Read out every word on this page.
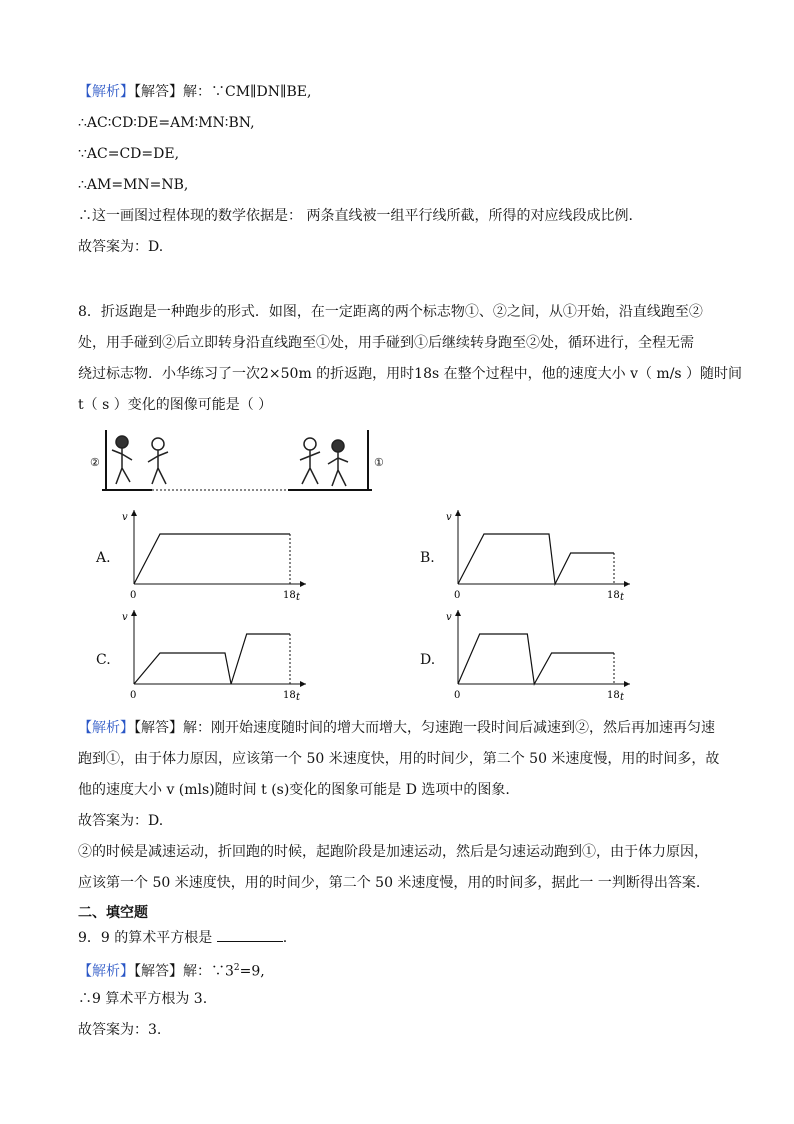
【解析】【解答】解：∵CM∥DN∥BE,
∴AC∶CD∶DE=AM∶MN∶BN,
∵AC=CD=DE,
∴AM=MN=NB,
∴这一画图过程体现的数学依据是： 两条直线被一组平行线所截，所得的对应线段成比例.
故答案为：D.
8．折返跑是一种跑步的形式．如图，在一定距离的两个标志物①、②之间，从①开始，沿直线跑至②
处，用手碰到②后立即转身沿直线跑至①处，用手碰到①后继续转身跑至②处，循环进行，全程无需
绕过标志物．小华练习了一次2×50m 的折返跑，用时18s 在整个过程中，他的速度大小 v（ m/s ）随时间
t（ s ）变化的图像可能是（ ）
②	①
A.	B.
C.	D.
v
t
0	18
v
t
0	18
v
t
0	18
v
t
0	18
【解析】【解答】解：刚开始速度随时间的增大而增大，匀速跑一段时间后减速到②，然后再加速再匀速
跑到①，由于体力原因，应该第一个 50 米速度快，用的时间少，第二个 50 米速度慢，用的时间多，故
他的速度大小 v (mls)随时间 t (s)变化的图象可能是 D 选项中的图象.
故答案为：D.
②的时候是减速运动，折回跑的时候，起跑阶段是加速运动，然后是匀速运动跑到①，由于体力原因，
应该第一个 50 米速度快，用的时间少，第二个 50 米速度慢，用的时间多，据此一 一判断得出答案.
二、填空题
9．9 的算术平方根是	.
【解析】【解答】解：$\because 3^2=9$,
∴9 算术平方根为 3.
故答案为：3.
